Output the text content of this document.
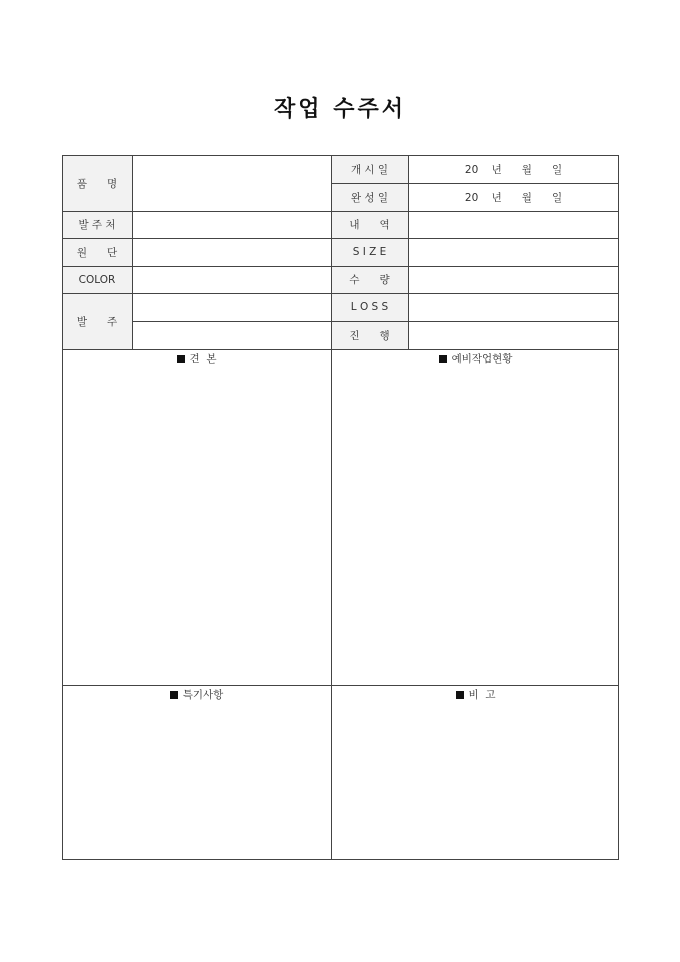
작업 수주서
품      명
발 주 처
원      단
COLOR
발      주
개 시 일
완 성 일
내      역
S I Z E
수      량
L O S S
진      행
20    년      월      일
20    년      월      일
견  본	예비작업현황
특기사항	비  고
